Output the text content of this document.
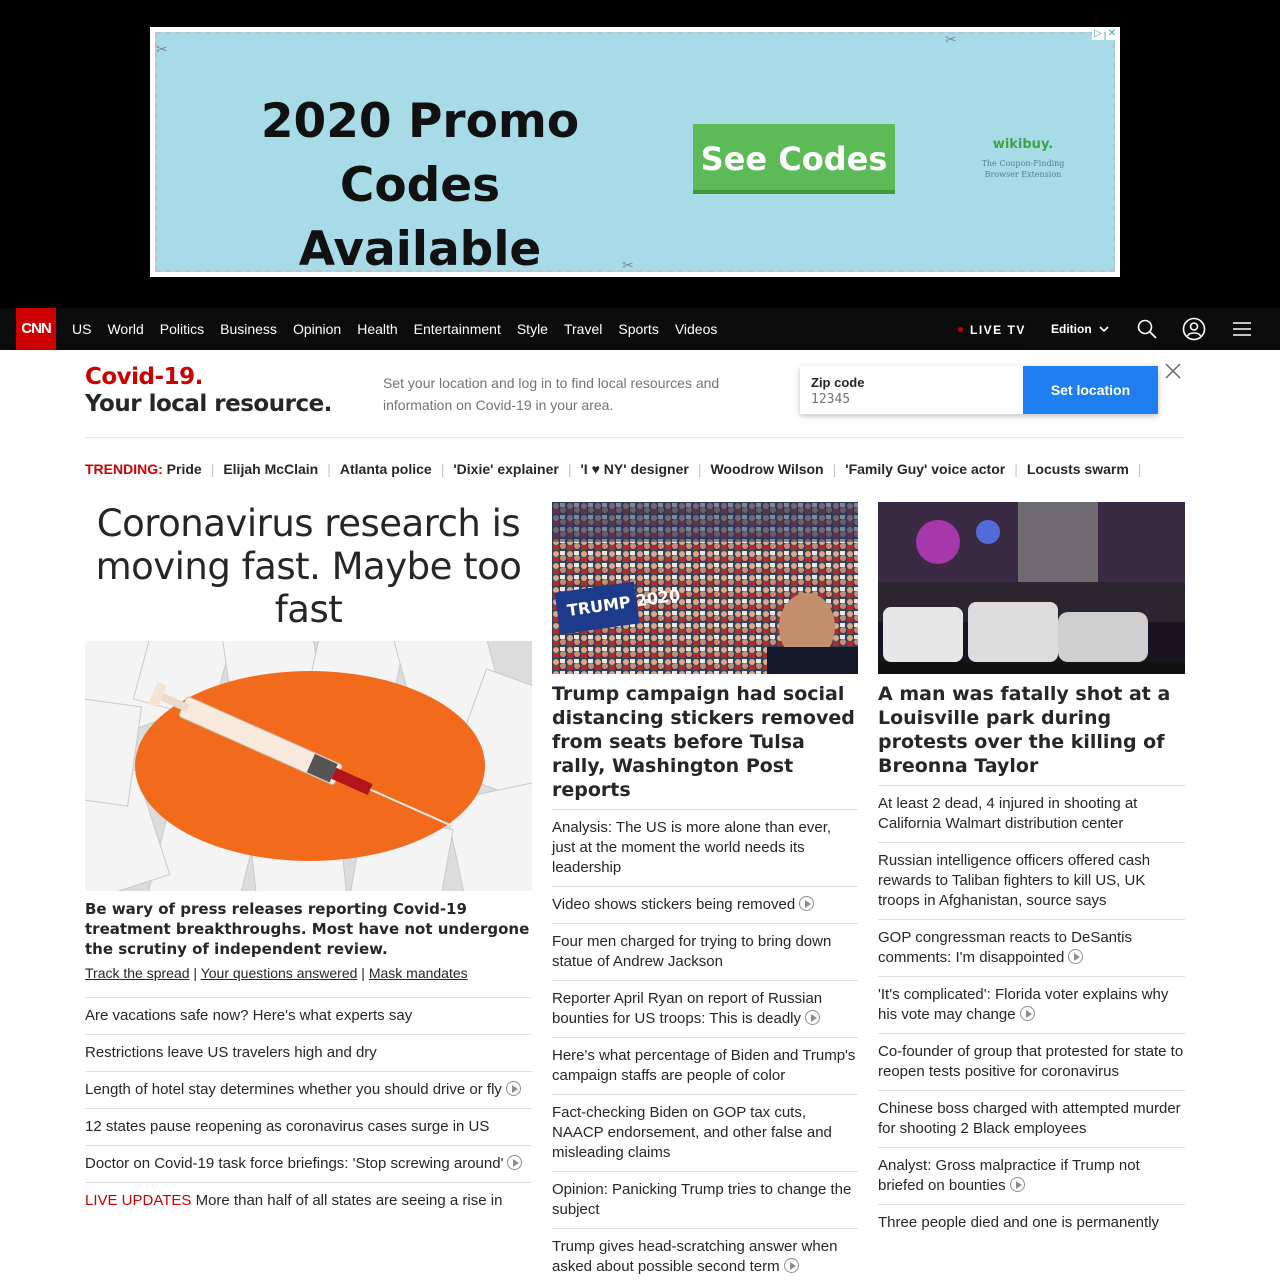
2020 Promo
Codes Available
See Codes	wikibuy.
The Coupon-Finding Browser Extension
✂
✂
✂
▷ ✕
CNN	US World Politics Business Opinion Health Entertainment Style Travel Sports Videos	LIVE TV Edition
Covid-19.
Your local resource.
Set your location and log in to find local resources and information on Covid-19 in your area.
Zip code
12345	Set location
TRENDING: Pride | Elijah McClain | Atlanta police | 'Dixie' explainer | 'I ♥ NY' designer | Woodrow Wilson | 'Family Guy' voice actor | Locusts swarm |
Coronavirus research is moving fast. Maybe too fast
Be wary of press releases reporting Covid-19 treatment breakthroughs. Most have not undergone the scrutiny of independent review.
Track the spread | Your questions answered | Mask mandates
Are vacations safe now? Here's what experts say
Restrictions leave US travelers high and dry
Length of hotel stay determines whether you should drive or fly
12 states pause reopening as coronavirus cases surge in US
Doctor on Covid-19 task force briefings: 'Stop screwing around'
LIVE UPDATES More than half of all states are seeing a rise in
TRUMP 2020
Trump campaign had social distancing stickers removed from seats before Tulsa rally, Washington Post reports
Analysis: The US is more alone than ever, just at the moment the world needs its leadership
Video shows stickers being removed
Four men charged for trying to bring down statue of Andrew Jackson
Reporter April Ryan on report of Russian bounties for US troops: This is deadly
Here's what percentage of Biden and Trump's campaign staffs are people of color
Fact-checking Biden on GOP tax cuts, NAACP endorsement, and other false and misleading claims
Opinion: Panicking Trump tries to change the subject
Trump gives head-scratching answer when asked about possible second term
A man was fatally shot at a Louisville park during protests over the killing of Breonna Taylor
At least 2 dead, 4 injured in shooting at California Walmart distribution center
Russian intelligence officers offered cash rewards to Taliban fighters to kill US, UK troops in Afghanistan, source says
GOP congressman reacts to DeSantis comments: I'm disappointed
'It's complicated': Florida voter explains why his vote may change
Co-founder of group that protested for state to reopen tests positive for coronavirus
Chinese boss charged with attempted murder for shooting 2 Black employees
Analyst: Gross malpractice if Trump not briefed on bounties
Three people died and one is permanently
